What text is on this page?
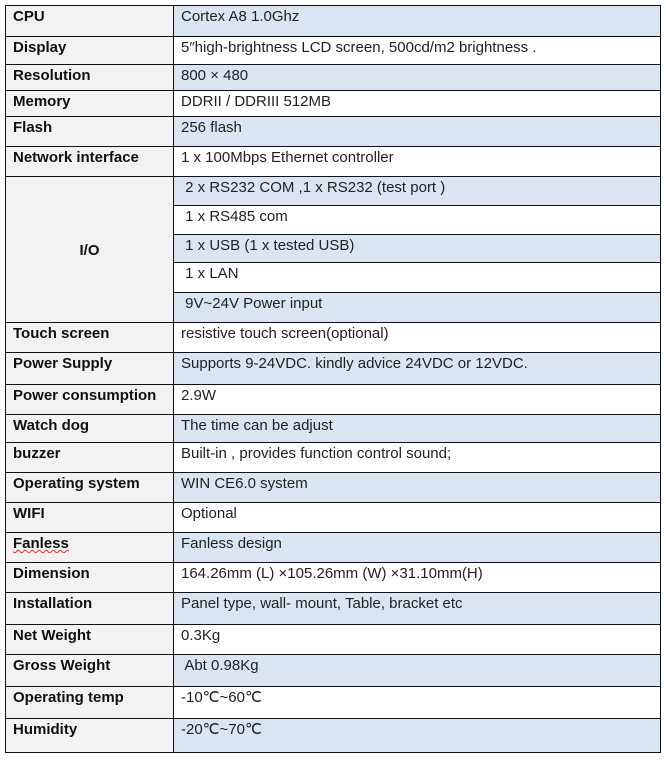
CPU	Cortex A8 1.0Ghz
Display	5″high-brightness LCD screen, 500cd/m2 brightness .
Resolution	800 × 480
Memory	DDRII / DDRIII 512MB
Flash	256 flash
Network interface	1 x 100Mbps Ethernet controller
I/O	2 x RS232 COM ,1 x RS232 (test port )
	1 x RS485 com
	1 x USB (1 x tested USB)
	1 x LAN
	9V~24V Power input
Touch screen	resistive touch screen(optional)
Power Supply	Supports 9-24VDC. kindly advice 24VDC or 12VDC.
Power consumption	2.9W
Watch dog	The time can be adjust
buzzer	Built-in , provides function control sound;
Operating system	WIN CE6.0 system
WIFI	Optional
Fanless	Fanless design
Dimension	164.26mm (L) ×105.26mm (W) ×31.10mm(H)
Installation	Panel type, wall- mount, Table, bracket etc
Net Weight	0.3Kg
Gross Weight	Abt 0.98Kg
Operating temp	-10℃~60℃
Humidity	-20℃~70℃
